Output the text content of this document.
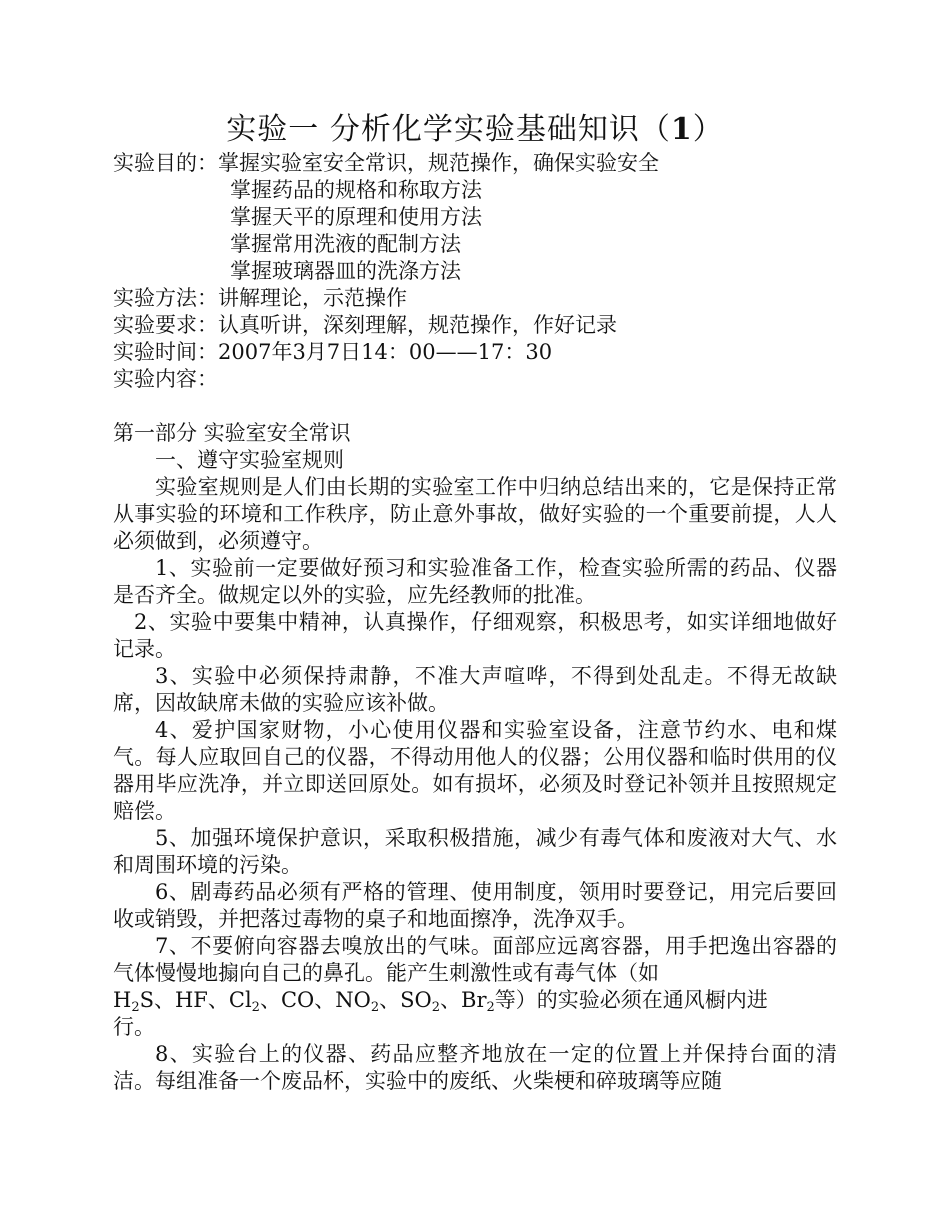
实验一 分析化学实验基础知识（1）
实验目的：掌握实验室安全常识，规范操作，确保实验安全
掌握药品的规格和称取方法
掌握天平的原理和使用方法
掌握常用洗液的配制方法
掌握玻璃器皿的洗涤方法
实验方法：讲解理论，示范操作
实验要求：认真听讲，深刻理解，规范操作，作好记录
实验时间：2007年3月7日14：00——17：30
实验内容：
第一部分 实验室安全常识
一、遵守实验室规则
实验室规则是人们由长期的实验室工作中归纳总结出来的，它是保持正常从事实验的环境和工作秩序，防止意外事故，做好实验的一个重要前提，人人必须做到，必须遵守。
1、实验前一定要做好预习和实验准备工作，检查实验所需的药品、仪器是否齐全。做规定以外的实验，应先经教师的批准。
2、实验中要集中精神，认真操作，仔细观察，积极思考，如实详细地做好记录。
3、实验中必须保持肃静，不准大声喧哗，不得到处乱走。不得无故缺席，因故缺席未做的实验应该补做。
4、爱护国家财物，小心使用仪器和实验室设备，注意节约水、电和煤气。每人应取回自己的仪器，不得动用他人的仪器；公用仪器和临时供用的仪器用毕应洗净，并立即送回原处。如有损坏，必须及时登记补领并且按照规定赔偿。
5、加强环境保护意识，采取积极措施，减少有毒气体和废液对大气、水和周围环境的污染。
6、剧毒药品必须有严格的管理、使用制度，领用时要登记，用完后要回收或销毁，并把落过毒物的桌子和地面擦净，洗净双手。
7、不要俯向容器去嗅放出的气味。面部应远离容器，用手把逸出容器的气体慢慢地搧向自己的鼻孔。能产生刺激性或有毒气体（如
$H_2S$、HF、$Cl_2$、CO、$NO_2$、$SO_2$、$Br_2$等）的实验必须在通风橱内进
行。
8、实验台上的仪器、药品应整齐地放在一定的位置上并保持台面的清洁。每组准备一个废品杯，实验中的废纸、火柴梗和碎玻璃等应随
